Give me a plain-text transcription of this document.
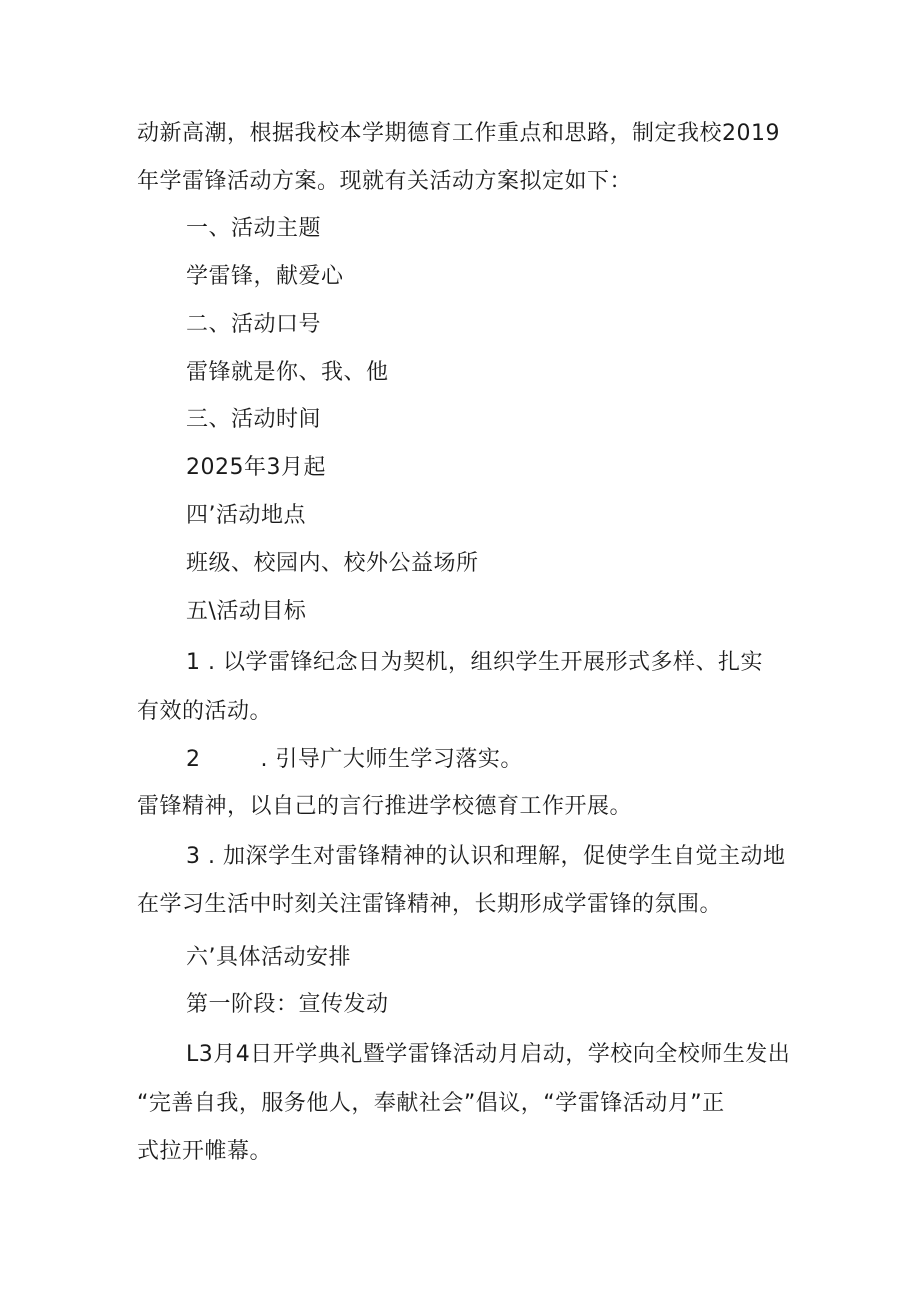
动新高潮，根据我校本学期德育工作重点和思路，制定我校2019
年学雷锋活动方案。现就有关活动方案拟定如下：
一、活动主题
学雷锋，献爱心
二、活动口号
雷锋就是你、我、他
三、活动时间
2025年3月起
四’活动地点
班级、校园内、校外公益场所
五\活动目标
1 . 以学雷锋纪念日为契机，组织学生开展形式多样、扎实
有效的活动。
2        . 引导广大师生学习落实。
雷锋精神，以自己的言行推进学校德育工作开展。
3 . 加深学生对雷锋精神的认识和理解，促使学生自觉主动地
在学习生活中时刻关注雷锋精神，长期形成学雷锋的氛围。
六’具体活动安排
第一阶段：宣传发动
L3月4日开学典礼暨学雷锋活动月启动，学校向全校师生发出
“完善自我，服务他人，奉献社会”倡议，“学雷锋活动月”正
式拉开帷幕。
